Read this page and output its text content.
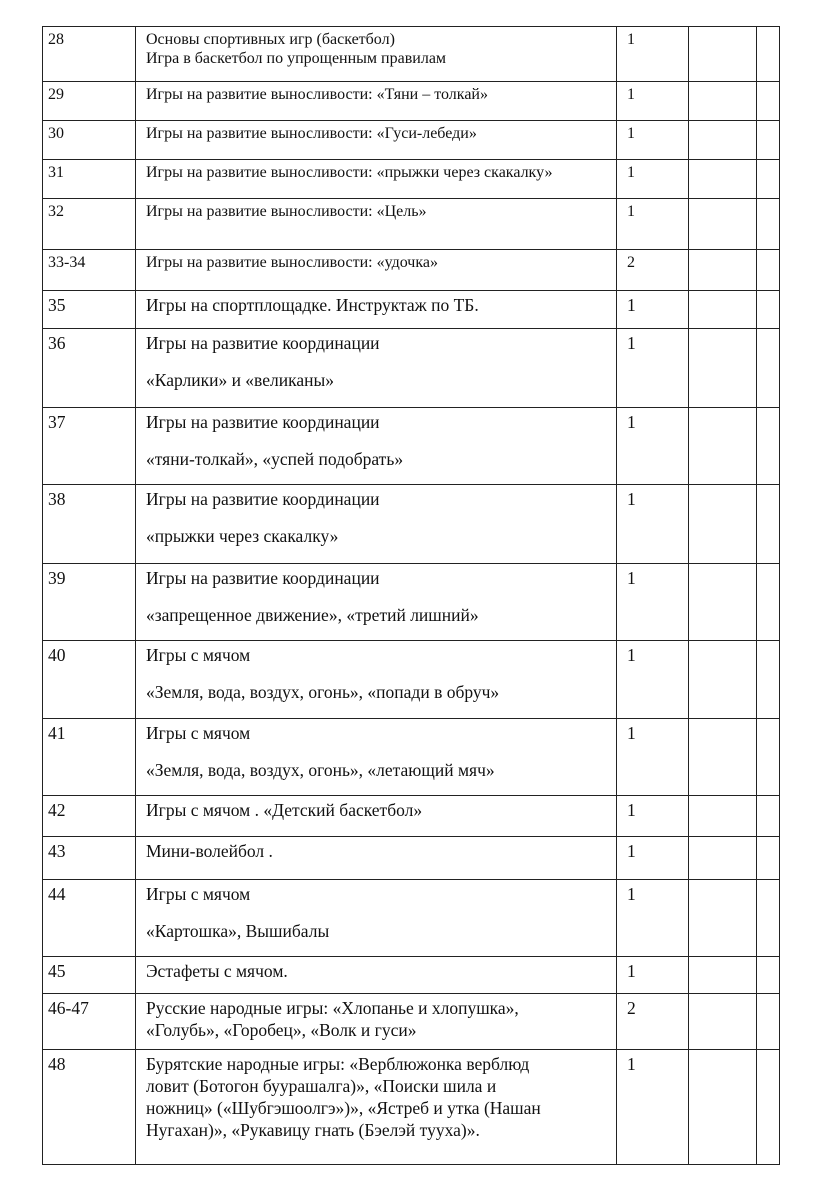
28	Основы спортивных игр (баскетбол)
Игра в баскетбол по упрощенным правилам	1		
29	Игры на развитие выносливости: «Тяни – толкай»	1		
30	Игры на развитие выносливости: «Гуси-лебеди»	1		
31	Игры на развитие выносливости: «прыжки через скакалку»	1		
32	Игры на развитие выносливости: «Цель»	1		
33-34	Игры на развитие выносливости: «удочка»	2		
35	Игры на спортплощадке. Инструктаж по ТБ.	1		
36	Игры на развитие координации
«Карлики» и «великаны»	1		
37	Игры на развитие координации
«тяни-толкай», «успей подобрать»	1		
38	Игры на развитие координации
«прыжки через скакалку»	1		
39	Игры на развитие координации
«запрещенное движение», «третий лишний»	1		
40	Игры с мячом
«Земля, вода, воздух, огонь», «попади в обруч»	1		
41	Игры с мячом
«Земля, вода, воздух, огонь», «летающий мяч»	1		
42	Игры с мячом . «Детский баскетбол»	1		
43	Мини-волейбол .	1		
44	Игры с мячом
«Картошка», Вышибалы	1		
45	Эстафеты с мячом.	1		
46-47	Русские народные игры: «Хлопанье и хлопушка»,
«Голубь», «Горобец», «Волк и гуси»	2		
48	Бурятские народные игры: «Верблюжонка верблюд
ловит (Ботогон буурашалга)», «Поиски шила и
ножниц» («Шубгэшоолгэ»)», «Ястреб и утка (Нашан
Нугахан)», «Рукавицу гнать (Бэелэй тууха)».	1		
